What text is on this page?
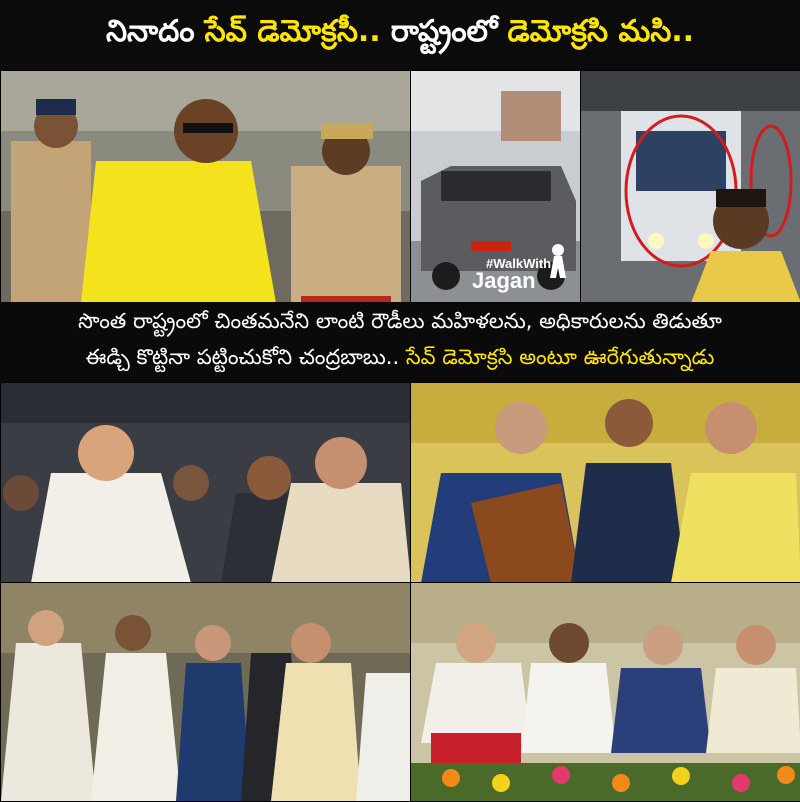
నినాదం సేవ్ డెమోక్రసీ.. రాష్ట్రంలో డెమోక్రసి మసి..
#WalkWith
Jagan
సొంత రాష్ట్రంలో చింతమనేని లాంటి రౌడీలు మహిళలను, అధికారులను తిడుతూ
ఈడ్చి కొట్టినా పట్టించుకోని చంద్రబాబు.. సేవ్ డెమోక్రసి అంటూ ఊరేగుతున్నాడు
